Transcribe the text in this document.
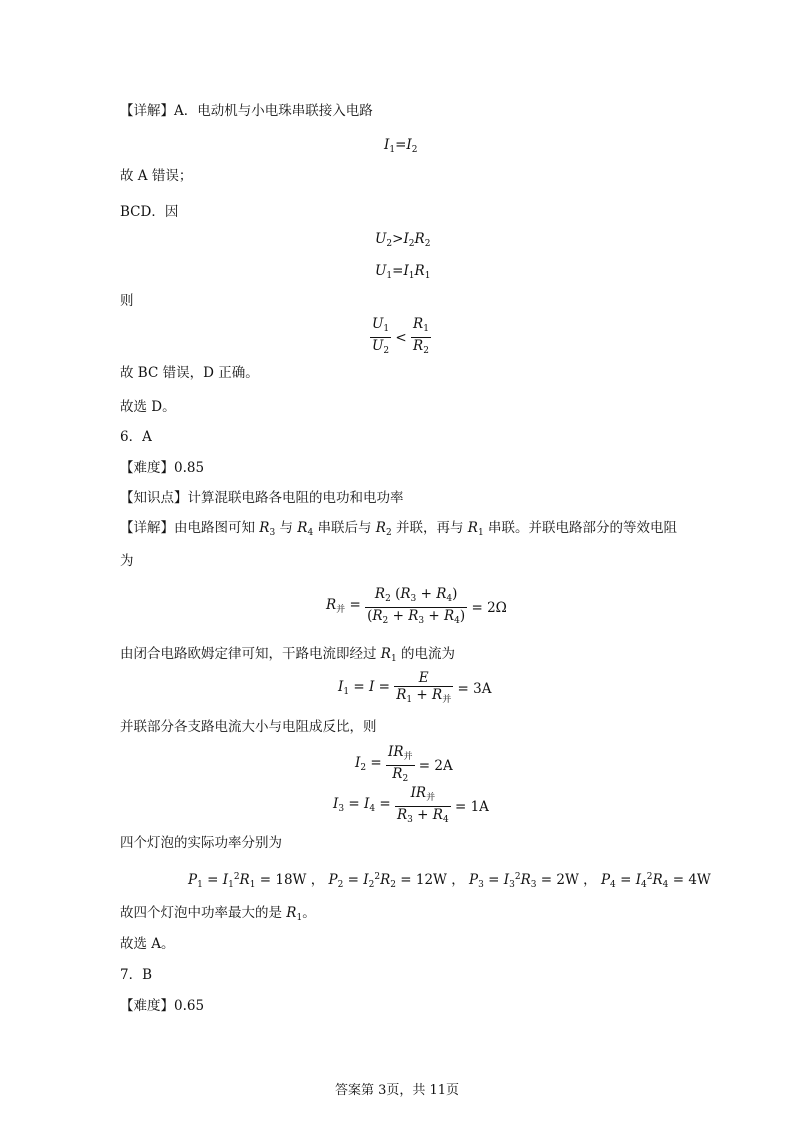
【详解】A．电动机与小电珠串联接入电路
$I_1=I_2$
故 A 错误；
BCD．因
$U_2>I_2R_2$
$U_1=I_1R_1$
则
$\frac{U_1}{U_2} < \frac{R_1}{R_2}$
故 BC 错误，D 正确。
故选 D。
6．A
【难度】0.85
【知识点】计算混联电路各电阻的电功和电功率
【详解】由电路图可知 $R_3$ 与 $R_4$ 串联后与 $R_2$ 并联，再与 $R_1$ 串联。并联电路部分的等效电阻
为
$R_并 = \frac{R_2 (R_3 + R_4)}{(R_2 + R_3 + R_4)} = 2\Omega$
由闭合电路欧姆定律可知，干路电流即经过 $R_1$ 的电流为
$I_1 = I = \frac{E}{R_1 + R_并} = 3A$
并联部分各支路电流大小与电阻成反比，则
$I_2 = \frac{IR_并}{R_2} = 2A$
$I_3 = I_4 = \frac{IR_并}{R_3 + R_4} = 1A$
四个灯泡的实际功率分别为
$P_1 = I_1^2R_1 = 18W$ ， $P_2 = I_2^2R_2 = 12W$ ， $P_3 = I_3^2R_3 = 2W$ ， $P_4 = I_4^2R_4 = 4W$
故四个灯泡中功率最大的是 $R_1$。
故选 A。
7．B
【难度】0.65
答案第 3页，共 11页
